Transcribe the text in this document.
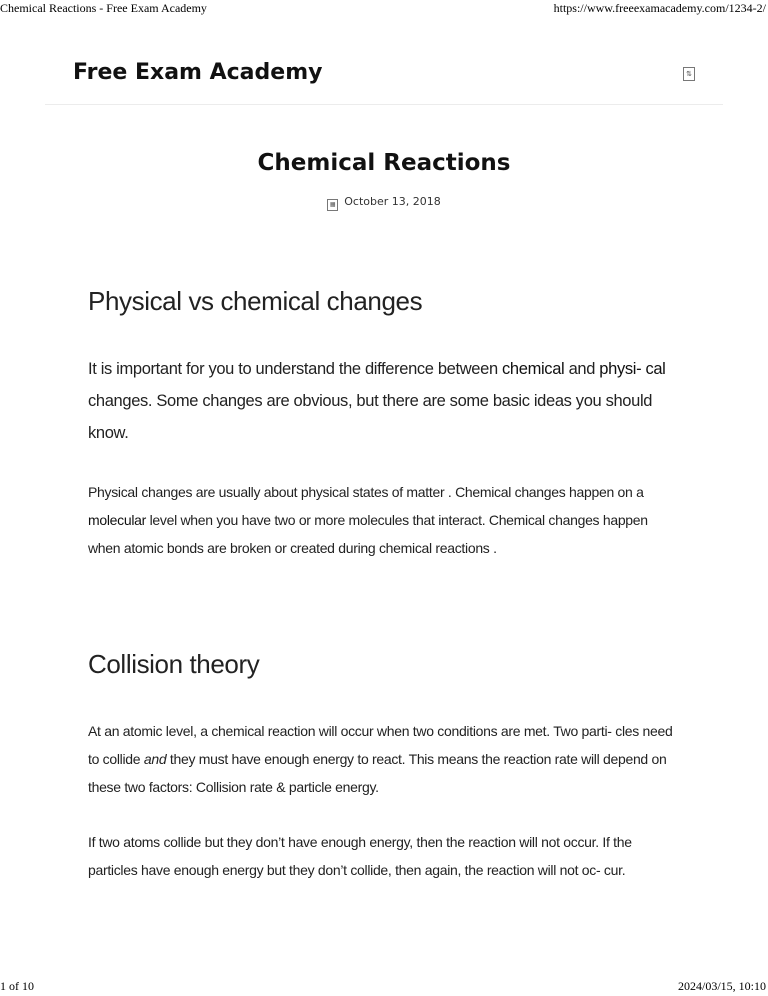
Chemical Reactions - Free Exam Academy	https://www.freeexamacademy.com/1234-2/
Free Exam Academy	⇅
Chemical Reactions
▦ October 13, 2018
Physical vs chemical changes

It is important for you to understand the difference between chemical and physi- cal changes. Some changes are obvious, but there are some basic ideas you should know.

Physical changes are usually about physical states of matter . Chemical changes happen on a molecular level when you have two or more molecules that interact. Chemical changes happen when atomic bonds are broken or created during chemical reactions .

Collision theory

At an atomic level, a chemical reaction will occur when two conditions are met. Two parti- cles need to collide and they must have enough energy to react. This means the reaction rate will depend on these two factors: Collision rate & particle energy.

If two atoms collide but they don’t have enough energy, then the reaction will not occur. If the particles have enough energy but they don’t collide, then again, the reaction will not oc- cur.

1 of 10	2024/03/15, 10:10
